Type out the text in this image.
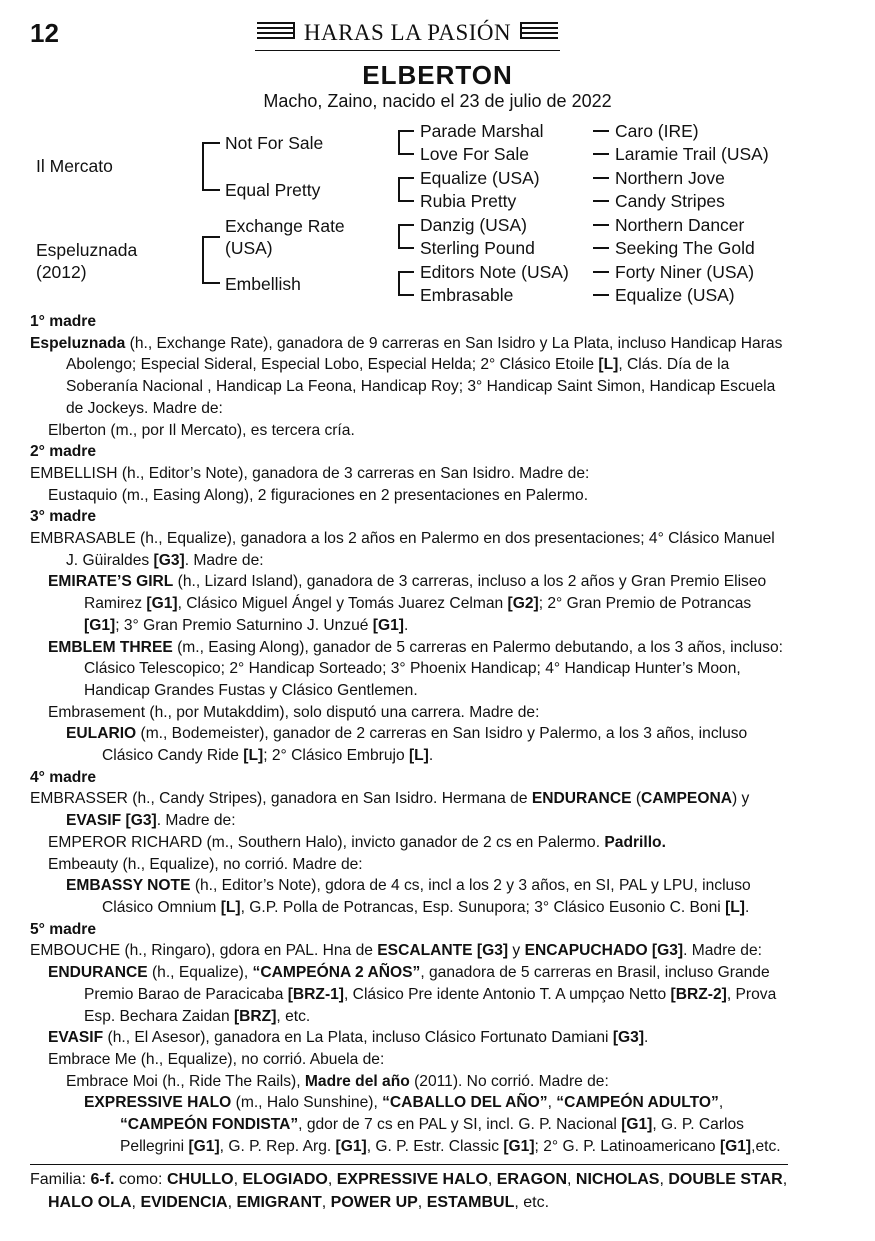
12	HARAS LA PASIÓN
ELBERTON
Macho, Zaino, nacido el 23 de julio de 2022
Il Mercato
Espeluznada
(2012)
Not For Sale
Equal Pretty
Exchange Rate
(USA)
Embellish
Parade Marshal
Love For Sale
Equalize (USA)
Rubia Pretty
Danzig (USA)
Sterling Pound
Editors Note (USA)
Embrasable
Caro (IRE)
Laramie Trail (USA)
Northern Jove
Candy Stripes
Northern Dancer
Seeking The Gold
Forty Niner (USA)
Equalize (USA)

1° madre

Espeluznada (h., Exchange Rate), ganadora de 9 carreras en San Isidro y La Plata, incluso Handicap Haras Abolengo; Especial Sideral, Especial Lobo, Especial Helda; 2° Clásico Etoile [L], Clás. Día de la Soberanía Nacional , Handicap La Feona, Handicap Roy; 3° Handicap Saint Simon, Handicap Escuela de Jockeys. Madre de:

Elberton (m., por Il Mercato), es tercera cría.

2° madre

EMBELLISH (h., Editor’s Note), ganadora de 3 carreras en San Isidro. Madre de:

Eustaquio (m., Easing Along), 2 figuraciones en 2 presentaciones en Palermo.

3° madre

EMBRASABLE (h., Equalize), ganadora a los 2 años en Palermo en dos presentaciones; 4° Clásico Manuel J. Güiraldes [G3]. Madre de:

EMIRATE’S GIRL (h., Lizard Island), ganadora de 3 carreras, incluso a los 2 años y Gran Premio Eliseo Ramirez [G1], Clásico Miguel Ángel y Tomás Juarez Celman [G2]; 2° Gran Premio de Potrancas [G1]; 3° Gran Premio Saturnino J. Unzué [G1].

EMBLEM THREE (m., Easing Along), ganador de 5 carreras en Palermo debutando, a los 3 años, incluso: Clásico Telescopico; 2° Handicap Sorteado; 3° Phoenix Handicap; 4° Handicap Hunter’s Moon, Handicap Grandes Fustas y Clásico Gentlemen.

Embrasement (h., por Mutakddim), solo disputó una carrera. Madre de:

EULARIO (m., Bodemeister), ganador de 2 carreras en San Isidro y Palermo, a los 3 años, incluso Clásico Candy Ride [L]; 2° Clásico Embrujo [L].

4° madre

EMBRASSER (h., Candy Stripes), ganadora en San Isidro. Hermana de ENDURANCE (CAMPEONA) y EVASIF [G3]. Madre de:

EMPEROR RICHARD (m., Southern Halo), invicto ganador de 2 cs en Palermo. Padrillo.

Embeauty (h., Equalize), no corrió. Madre de:

EMBASSY NOTE (h., Editor’s Note), gdora de 4 cs, incl a los 2 y 3 años, en SI, PAL y LPU, incluso Clásico Omnium [L], G.P. Polla de Potrancas, Esp. Sunupora; 3° Clásico Eusonio C. Boni [L].

5° madre

EMBOUCHE (h., Ringaro), gdora en PAL. Hna de ESCALANTE [G3] y ENCAPUCHADO [G3]. Madre de:

ENDURANCE (h., Equalize), “CAMPEÓNA 2 AÑOS”, ganadora de 5 carreras en Brasil, incluso Grande Premio Barao de Paracicaba [BRZ-1], Clásico Pre idente Antonio T. A umpçao Netto [BRZ-2], Prova Esp. Bechara Zaidan [BRZ], etc.

EVASIF (h., El Asesor), ganadora en La Plata, incluso Clásico Fortunato Damiani [G3].

Embrace Me (h., Equalize), no corrió. Abuela de:

Embrace Moi (h., Ride The Rails), Madre del año (2011). No corrió. Madre de:

EXPRESSIVE HALO (m., Halo Sunshine), “CABALLO DEL AÑO”, “CAMPEÓN ADULTO”, “CAMPEÓN FONDISTA”, gdor de 7 cs en PAL y SI, incl. G. P. Nacional [G1], G. P. Carlos Pellegrini [G1], G. P. Rep. Arg. [G1], G. P. Estr. Classic [G1]; 2° G. P. Latinoamericano [G1],etc.

Familia: 6-f. como: CHULLO, ELOGIADO, EXPRESSIVE HALO, ERAGON, NICHOLAS, DOUBLE STAR, HALO OLA, EVIDENCIA, EMIGRANT, POWER UP, ESTAMBUL, etc.
